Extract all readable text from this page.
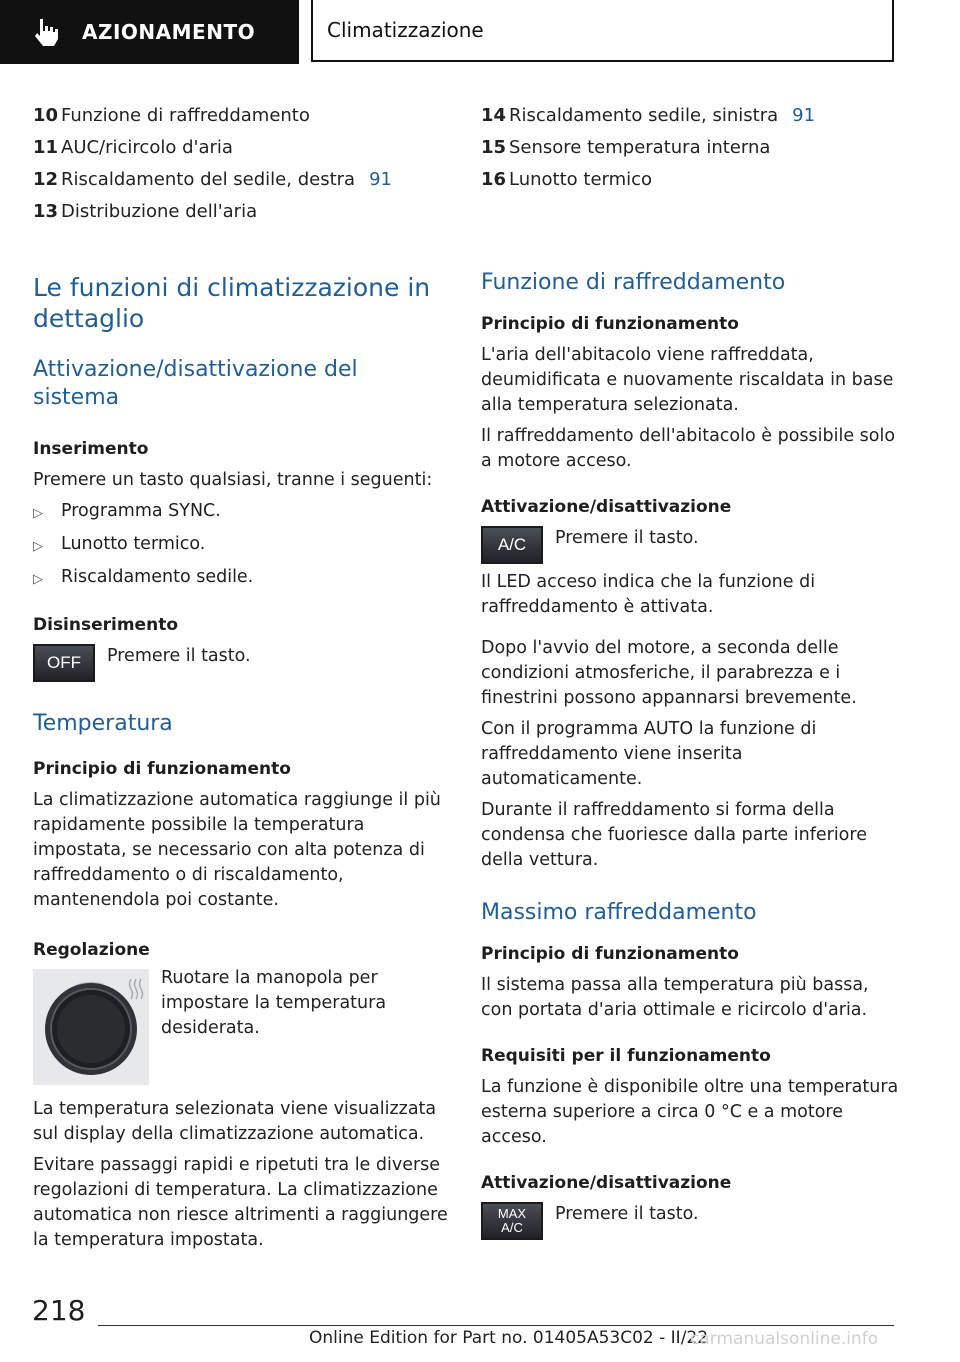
AZIONAMENTO	Climatizzazione
10 Funzione di raffreddamento
11 AUC/ricircolo d'aria
12 Riscaldamento del sedile, destra 91
13 Distribuzione dell'aria
Le funzioni di climatizzazione in dettaglio
Attivazione/disattivazione del sistema
Inserimento

Premere un tasto qualsiasi, tranne i seguenti:

▷	Programma SYNC.
▷	Lunotto termico.
▷	Riscaldamento sedile.
Disinserimento
OFF	Premere il tasto.

Temperatura
Principio di funzionamento

La climatizzazione automatica raggiunge il più rapidamente possibile la temperatura impostata, se necessario con alta potenza di raffreddamento o di riscaldamento, mantenendola poi costante.

Regolazione

Ruotare la manopola per impostare la temperatura desiderata.

La temperatura selezionata viene visualizzata sul display della climatizzazione automatica.

Evitare passaggi rapidi e ripetuti tra le diverse regolazioni di temperatura. La climatizzazione automatica non riesce altrimenti a raggiungere la temperatura impostata.

14 Riscaldamento sedile, sinistra 91
15 Sensore temperatura interna
16 Lunotto termico
Funzione di raffreddamento
Principio di funzionamento

L'aria dell'abitacolo viene raffreddata, deumidificata e nuovamente riscaldata in base alla temperatura selezionata.

Il raffreddamento dell'abitacolo è possibile solo a motore acceso.

Attivazione/disattivazione
A/C	Premere il tasto.

Il LED acceso indica che la funzione di raffreddamento è attivata.

Dopo l'avvio del motore, a seconda delle condizioni atmosferiche, il parabrezza e i finestrini possono appannarsi brevemente.

Con il programma AUTO la funzione di raffreddamento viene inserita automaticamente.

Durante il raffreddamento si forma della condensa che fuoriesce dalla parte inferiore della vettura.

Massimo raffreddamento
Principio di funzionamento

Il sistema passa alla temperatura più bassa, con portata d'aria ottimale e ricircolo d'aria.

Requisiti per il funzionamento

La funzione è disponibile oltre una temperatura esterna superiore a circa 0 °C e a motore acceso.

Attivazione/disattivazione
MAX
A/C

Premere il tasto.

218
Online Edition for Part no. 01405A53C02 - II/22
carmanualsonline.info
